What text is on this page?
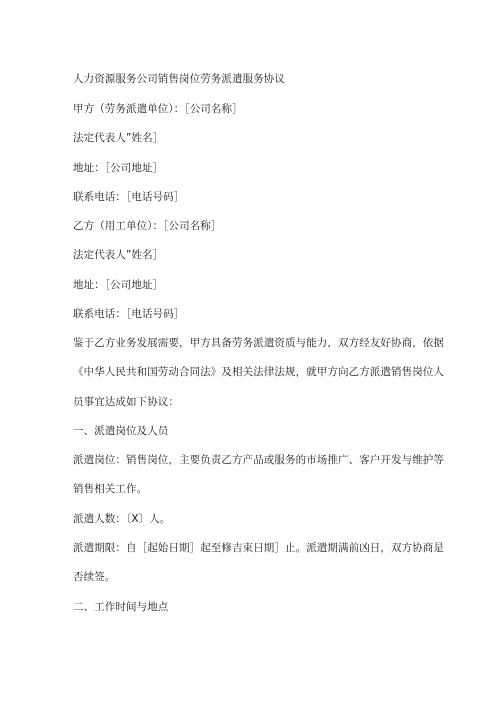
人力资源服务公司销售岗位劳务派遣服务协议
甲方（劳务派遣单位）：［公司名称］
法定代表人”姓名］
地址：［公司地址］
联系电话：［电话号码］
乙方（用工单位）：［公司名称］
法定代表人”姓名］
地址：［公司地址］
联系电话：［电话号码］
鉴于乙方业务发展需要，甲方具备劳务派遣资质与能力，双方经友好协商，依据
《中华人民共和国劳动合同法》及相关法律法规，就甲方向乙方派遣销售岗位人
员事宜达成如下协议：
一、派遣岗位及人员
派遣岗位：销售岗位，主要负责乙方产品或服务的市场推广、客户开发与维护等
销售相关工作。
派遣人数：〔X〕人。
派遣期限：自［起始日期］起至修吉束日期］止。派遣期满前凶日，双方协商是
否续签。
二、工作时间与地点
